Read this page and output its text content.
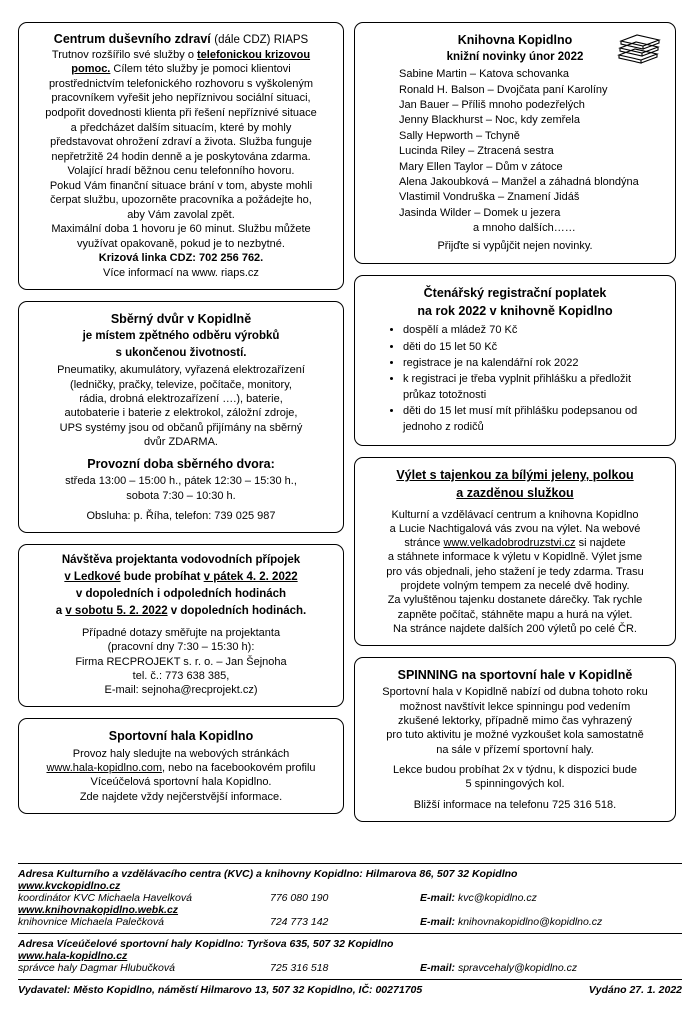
Centrum duševního zdraví (dále CDZ) RIAPS

Trutnov rozšířilo své služby o telefonickou krizovou

pomoc. Cílem této služby je pomoci klientovi

prostřednictvím telefonického rozhovoru s vyškoleným

pracovníkem vyřešit jeho nepříznivou sociální situaci,

podpořit dovednosti klienta při řešení nepříznivé situace

a předcházet dalším situacím, které by mohly

představovat ohrožení zdraví a života. Služba funguje

nepřetržitě 24 hodin denně a je poskytována zdarma.

Volající hradí běžnou cenu telefonního hovoru.

Pokud Vám finanční situace brání v tom, abyste mohli

čerpat službu, upozorněte pracovníka a požádejte ho,

aby Vám zavolal zpět.

Maximální doba 1 hovoru je 60 minut. Službu můžete

využívat opakovaně, pokud je to nezbytné.

Krizová linka CDZ: 702 256 762.

Více informací na www. riaps.cz

Sběrný dvůr v Kopidlně
je místem zpětného odběru výrobků
s ukončenou životností.

Pneumatiky, akumulátory, vyřazená elektrozařízení

(ledničky, pračky, televize, počítače, monitory,

rádia, drobná elektrozařízení ….), baterie,

autobaterie i baterie z elektrokol, záložní zdroje,

UPS systémy jsou od občanů přijímány na sběrný

dvůr ZDARMA.

Provozní doba sběrného dvora:

středa 13:00 – 15:00 h., pátek 12:30 – 15:30 h.,

sobota 7:30 – 10:30 h.

Obsluha: p. Říha, telefon: 739 025 987

Návštěva projektanta vodovodních přípojek
v Ledkové bude probíhat v pátek 4. 2. 2022
v dopoledních i odpoledních hodinách
a v sobotu 5. 2. 2022 v dopoledních hodinách.

Případné dotazy směřujte na projektanta

(pracovní dny 7:30 – 15:30 h):

Firma RECPROJEKT s. r. o. – Jan Šejnoha

tel. č.: 773 638 385,

E-mail: sejnoha@recprojekt.cz)

Sportovní hala Kopidlno

Provoz haly sledujte na webových stránkách

www.hala-kopidlno.com, nebo na facebookovém profilu

Víceúčelová sportovní hala Kopidlno.

Zde najdete vždy nejčerstvější informace.

Knihovna Kopidlno
knižní novinky únor 2022

Sabine Martin – Katova schovanka

Ronald H. Balson – Dvojčata paní Karolíny

Jan Bauer – Příliš mnoho podezřelých

Jenny Blackhurst – Noc, kdy zemřela

Sally Hepworth – Tchyně

Lucinda Riley – Ztracená sestra

Mary Ellen Taylor – Dům v zátoce

Alena Jakoubková – Manžel a záhadná blondýna

Vlastimil Vondruška – Znamení Jidáš

Jasinda Wilder – Domek u jezera

a mnoho dalších……

Přijďte si vypůjčit nejen novinky.
Čtenářský registrační poplatek
na rok 2022 v knihovně Kopidlno
• dospělí a mládež 70 Kč
• děti do 15 let 50 Kč
• registrace je na kalendářní rok 2022
• k registraci je třeba vyplnit přihlášku a předložit průkaz totožnosti
• děti do 15 let musí mít přihlášku podepsanou od jednoho z rodičů
Výlet s tajenkou za bílými jeleny, polkou
a zazděnou služkou

Kulturní a vzdělávací centrum a knihovna Kopidlno

a Lucie Nachtigalová vás zvou na výlet. Na webové

stránce www.velkadobrodruzstvi.cz si najdete

a stáhnete informace k výletu v Kopidlně. Výlet jsme

pro vás objednali, jeho stažení je tedy zdarma. Trasu

projdete volným tempem za necelé dvě hodiny.

Za vyluštěnou tajenku dostanete dárečky. Tak rychle

zapněte počítač, stáhněte mapu a hurá na výlet.

Na stránce najdete dalších 200 výletů po celé ČR.

SPINNING na sportovní hale v Kopidlně

Sportovní hala v Kopidlně nabízí od dubna tohoto roku

možnost navštívit lekce spinningu pod vedením

zkušené lektorky, případně mimo čas vyhrazený

pro tuto aktivitu je možné vyzkoušet kola samostatně

na sále v přízemí sportovní haly.

Lekce budou probíhat 2x v týdnu, k dispozici bude

5 spinningových kol.

Bližší informace na telefonu 725 316 518.

Adresa Kulturního a vzdělávacího centra (KVC) a knihovny Kopidlno: Hilmarova 86, 507 32 Kopidlno
www.kvckopidlno.cz
koordinátor KVC Michaela Havelková	776 080 190	E-mail: kvc@kopidlno.cz
www.knihovnakopidlno.webk.cz
knihovnice Michaela Palečková	724 773 142	E-mail: knihovnakopidlno@kopidlno.cz
Adresa Víceúčelové sportovní haly Kopidlno: Tyršova 635, 507 32 Kopidlno
www.hala-kopidlno.cz
správce haly Dagmar Hlubučková	725 316 518	E-mail: spravcehaly@kopidlno.cz
Vydavatel: Město Kopidlno, náměstí Hilmarovo 13, 507 32 Kopidlno, IČ: 00271705	Vydáno 27. 1. 2022
